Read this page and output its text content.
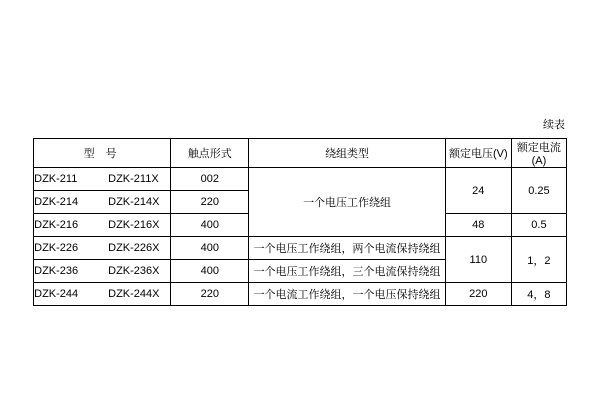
续表
型 号	触点形式	绕组类型	额定电压(V)	额定电流(A)

DZK-211 DZK-211X	002	一个电压工作绕组	24	0.25

DZK-214 DZK-214X	220			

DZK-216 DZK-216X	400		48	0.5

DZK-226 DZK-226X	400	一个电压工作绕组，两个电流保持绕组	110	1，2

DZK-236 DZK-236X	400	一个电压工作绕组，三个电流保持绕组		

DZK-244 DZK-244X	220	一个电流工作绕组，一个电压保持绕组	220	4，8
